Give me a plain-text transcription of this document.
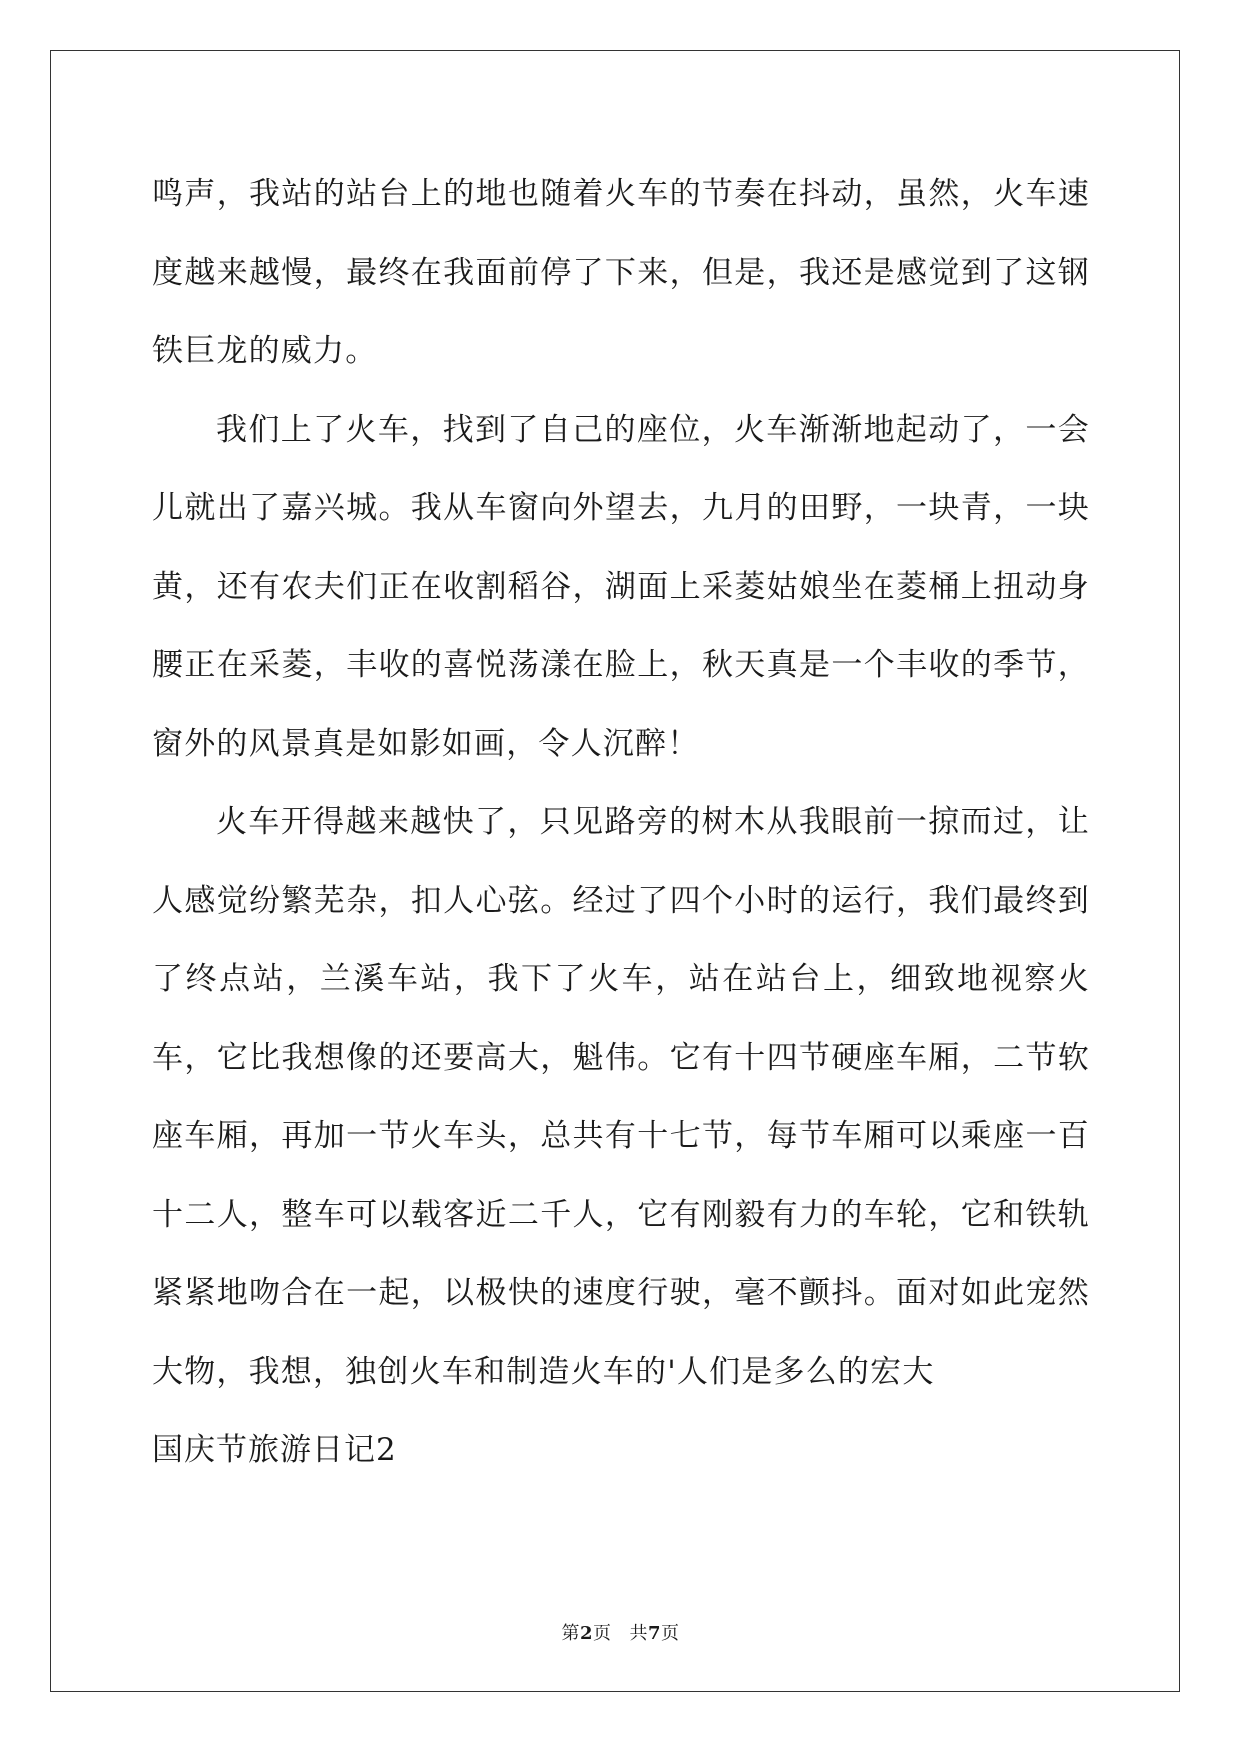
鸣声，我站的站台上的地也随着火车的节奏在抖动，虽然，火车速度越来越慢，最终在我面前停了下来，但是，我还是感觉到了这钢铁巨龙的威力。

我们上了火车，找到了自己的座位，火车渐渐地起动了，一会儿就出了嘉兴城。我从车窗向外望去，九月的田野，一块青，一块黄，还有农夫们正在收割稻谷，湖面上采菱姑娘坐在菱桶上扭动身腰正在采菱，丰收的喜悦荡漾在脸上，秋天真是一个丰收的季节，窗外的风景真是如影如画，令人沉醉！

火车开得越来越快了，只见路旁的树木从我眼前一掠而过，让人感觉纷繁芜杂，扣人心弦。经过了四个小时的运行，我们最终到了终点站，兰溪车站，我下了火车，站在站台上，细致地视察火车，它比我想像的还要高大，魁伟。它有十四节硬座车厢，二节软座车厢，再加一节火车头，总共有十七节，每节车厢可以乘座一百十二人，整车可以载客近二千人，它有刚毅有力的车轮，它和铁轨紧紧地吻合在一起，以极快的速度行驶，毫不颤抖。面对如此宠然大物，我想，独创火车和制造火车的'人们是多么的宏大

国庆节旅游日记2

第2页 共7页
